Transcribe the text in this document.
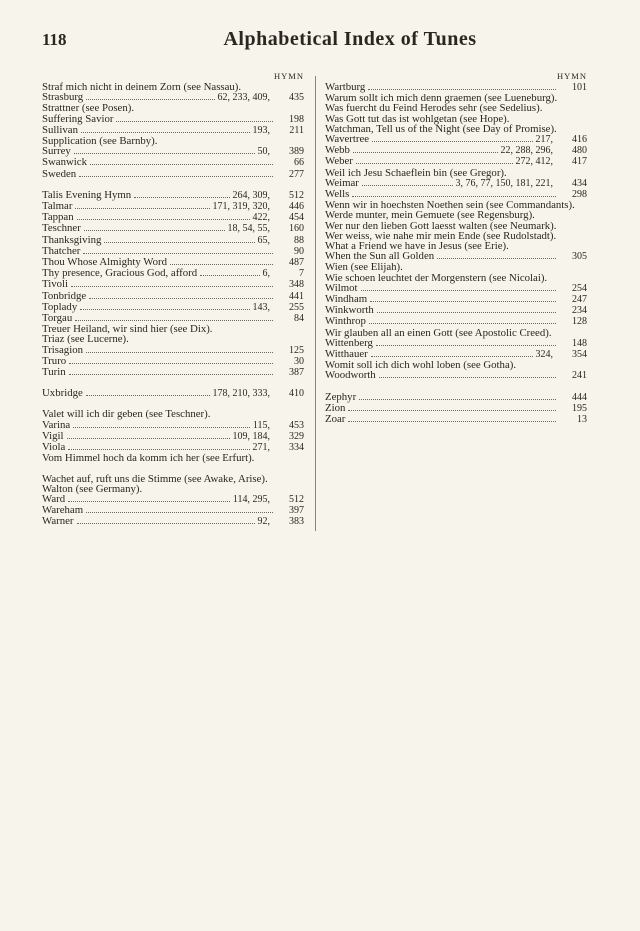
118	Alphabetical Index of Tunes
HYMN
Straf mich nicht in deinem Zorn (see Nassau).
Strasburg	62, 233, 409,	435
Strattner (see Posen).
Suffering Savior	198
Sullivan	193,	211
Supplication (see Barnby).
Surrey	50,	389
Swanwick	66
Sweden	277
Talis Evening Hymn	264, 309,	512
Talmar	171, 319, 320,	446
Tappan	422,	454
Teschner	18, 54, 55,	160
Thanksgiving	65,	88
Thatcher	90
Thou Whose Almighty Word	487
Thy presence, Gracious God, afford	6,	7
Tivoli	348
Tonbridge	441
Toplady	143,	255
Torgau	84
Treuer Heiland, wir sind hier (see Dix).
Triaz (see Lucerne).
Trisagion	125
Truro	30
Turin	387
Uxbridge	178, 210, 333,	410
Valet will ich dir geben (see Teschner).
Varina	115,	453
Vigil	109, 184,	329
Viola	271,	334
Vom Himmel hoch da komm ich her (see Erfurt).
Wachet auf, ruft uns die Stimme (see Awake, Arise).
Walton (see Germany).
Ward	114, 295,	512
Wareham	397
Warner	92,	383
HYMN
Wartburg	101
Warum sollt ich mich denn graemen (see Lueneburg).
Was fuercht du Feind Herodes sehr (see Sedelius).
Was Gott tut das ist wohlgetan (see Hope).
Watchman, Tell us of the Night (see Day of Promise).
Wavertree	217,	416
Webb	22, 288, 296,	480
Weber	272, 412,	417
Weil ich Jesu Schaeflein bin (see Gregor).
Weimar	3, 76, 77, 150, 181, 221,	434
Wells	298
Wenn wir in hoechsten Noethen sein (see Commandants).
Werde munter, mein Gemuete (see Regensburg).
Wer nur den lieben Gott laesst walten (see Neumark).
Wer weiss, wie nahe mir mein Ende (see Rudolstadt).
What a Friend we have in Jesus (see Erie).
When the Sun all Golden	305
Wien (see Elijah).
Wie schoen leuchtet der Morgenstern (see Nicolai).
Wilmot	254
Windham	247
Winkworth	234
Winthrop	128
Wir glauben all an einen Gott (see Apostolic Creed).
Wittenberg	148
Witthauer	324,	354
Womit soll ich dich wohl loben (see Gotha).
Woodworth	241
Zephyr	444
Zion	195
Zoar	13
